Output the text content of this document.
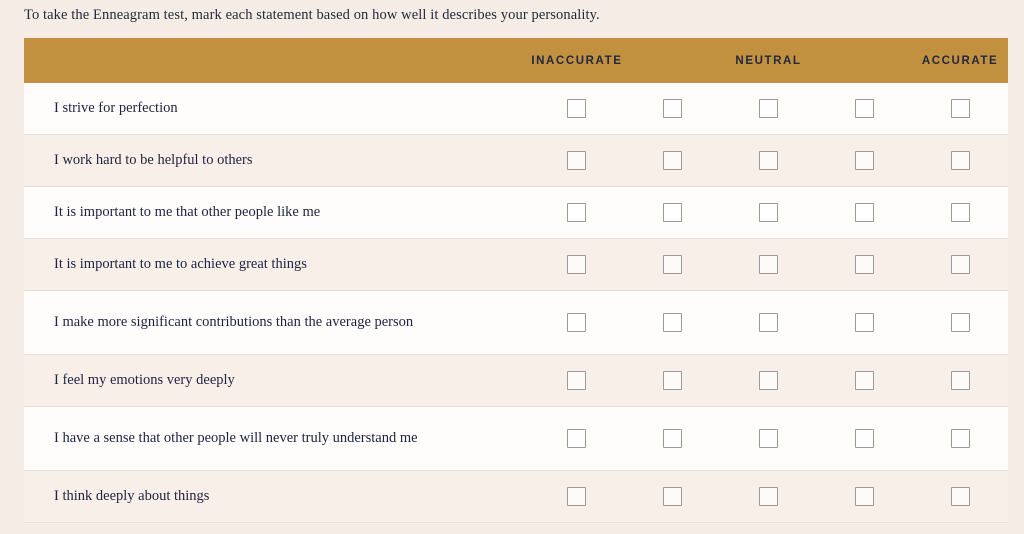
To take the Enneagram test, mark each statement based on how well it describes your personality.
INACCURATE	NEUTRAL	ACCURATE
I strive for perfection
I work hard to be helpful to others
It is important to me that other people like me
It is important to me to achieve great things
I make more significant contributions than the average person
I feel my emotions very deeply
I have a sense that other people will never truly understand me
I think deeply about things
